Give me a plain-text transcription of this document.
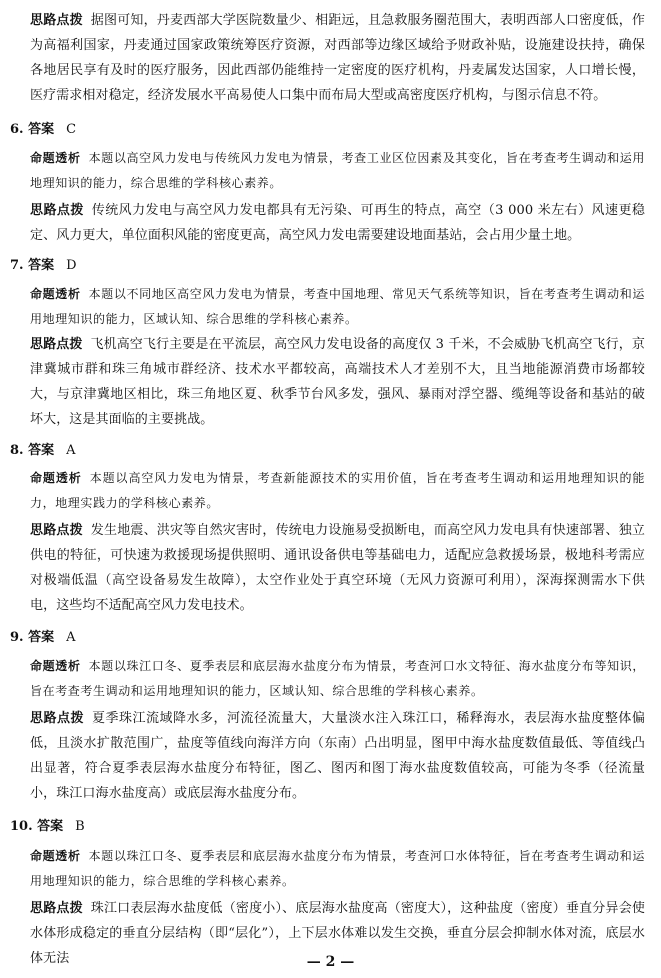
思路点拨 据图可知，丹麦西部大学医院数量少、相距远，且急救服务圈范围大，表明西部人口密度低，作为高福利国家，丹麦通过国家政策统筹医疗资源，对西部等边缘区域给予财政补贴，设施建设扶持，确保各地居民享有及时的医疗服务，因此西部仍能维持一定密度的医疗机构，丹麦属发达国家，人口增长慢，医疗需求相对稳定，经济发展水平高易使人口集中而布局大型或高密度医疗机构，与图示信息不符。

6. 答案 C

命题透析 本题以高空风力发电与传统风力发电为情景，考查工业区位因素及其变化，旨在考查考生调动和运用地理知识的能力，综合思维的学科核心素养。

思路点拨 传统风力发电与高空风力发电都具有无污染、可再生的特点，高空（3 000 米左右）风速更稳定、风力更大，单位面积风能的密度更高，高空风力发电需要建设地面基站，会占用少量土地。

7. 答案 D

命题透析 本题以不同地区高空风力发电为情景，考查中国地理、常见天气系统等知识，旨在考查考生调动和运用地理知识的能力，区域认知、综合思维的学科核心素养。

思路点拨 飞机高空飞行主要是在平流层，高空风力发电设备的高度仅 3 千米，不会威胁飞机高空飞行，京津冀城市群和珠三角城市群经济、技术水平都较高，高端技术人才差别不大，且当地能源消费市场都较大，与京津冀地区相比，珠三角地区夏、秋季节台风多发，强风、暴雨对浮空器、缆绳等设备和基站的破坏大，这是其面临的主要挑战。

8. 答案 A

命题透析 本题以高空风力发电为情景，考查新能源技术的实用价值，旨在考查考生调动和运用地理知识的能力，地理实践力的学科核心素养。

思路点拨 发生地震、洪灾等自然灾害时，传统电力设施易受损断电，而高空风力发电具有快速部署、独立供电的特征，可快速为救援现场提供照明、通讯设备供电等基础电力，适配应急救援场景，极地科考需应对极端低温（高空设备易发生故障），太空作业处于真空环境（无风力资源可利用），深海探测需水下供电，这些均不适配高空风力发电技术。

9. 答案 A

命题透析 本题以珠江口冬、夏季表层和底层海水盐度分布为情景，考查河口水文特征、海水盐度分布等知识，旨在考查考生调动和运用地理知识的能力，区域认知、综合思维的学科核心素养。

思路点拨 夏季珠江流域降水多，河流径流量大，大量淡水注入珠江口，稀释海水，表层海水盐度整体偏低，且淡水扩散范围广，盐度等值线向海洋方向（东南）凸出明显，图甲中海水盐度数值最低、等值线凸出显著，符合夏季表层海水盐度分布特征，图乙、图丙和图丁海水盐度数值较高，可能为冬季（径流量小，珠江口海水盐度高）或底层海水盐度分布。

10. 答案 B

命题透析 本题以珠江口冬、夏季表层和底层海水盐度分布为情景，考查河口水体特征，旨在考查考生调动和运用地理知识的能力，综合思维的学科核心素养。

思路点拨 珠江口表层海水盐度低（密度小）、底层海水盐度高（密度大），这种盐度（密度）垂直分异会使水体形成稳定的垂直分层结构（即“层化”），上下层水体难以发生交换，垂直分层会抑制水体对流，底层水体无法	— 2 —
